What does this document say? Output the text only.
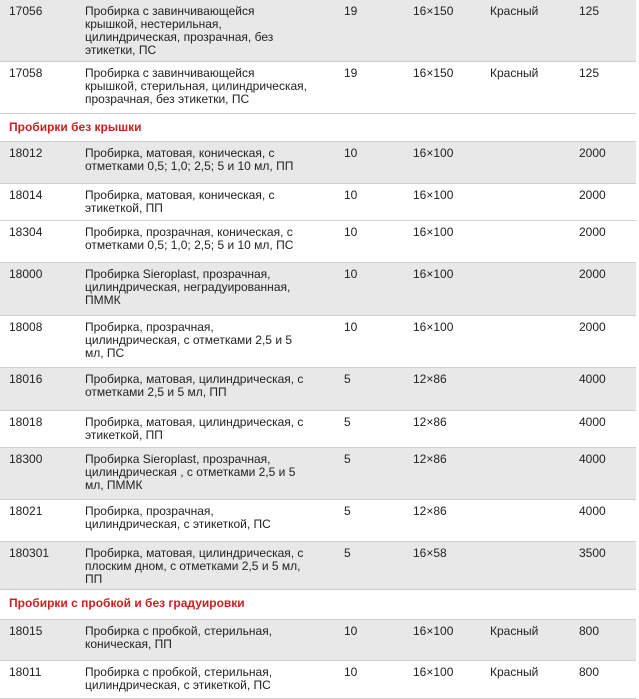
17056	Пробирка с завинчивающейся
крышкой, нестерильная,
цилиндрическая, прозрачная, без
этикетки, ПС
19	16×150	Красный	125
17058	Пробирка с завинчивающейся
крышкой, стерильная, цилиндрическая,
прозрачная, без этикетки, ПС
19	16×150	Красный	125
Пробирки без крышки
18012	Пробирка, матовая, коническая, с
отметками 0,5; 1,0; 2,5; 5 и 10 мл, ПП
10	16×100	2000
18014	Пробирка, матовая, коническая, с
этикеткой, ПП
10	16×100	2000
18304	Пробирка, прозрачная, коническая, с
отметками 0,5; 1,0; 2,5; 5 и 10 мл, ПС
10	16×100	2000
18000	Пробирка Sieroplast, прозрачная,
цилиндрическая, неградуированная,
ПММК
10	16×100	2000
18008	Пробирка, прозрачная,
цилиндрическая, с отметками 2,5 и 5
мл, ПС
10	16×100	2000
18016	Пробирка, матовая, цилиндрическая, с
отметками 2,5 и 5 мл, ПП
5	12×86	4000
18018	Пробирка, матовая, цилиндрическая, с
этикеткой, ПП
5	12×86	4000
18300	Пробирка Sieroplast, прозрачная,
цилиндрическая , с отметками 2,5 и 5
мл, ПММК
5	12×86	4000
18021	Пробирка, прозрачная,
цилиндрическая, с этикеткой, ПС
5	12×86	4000
180301	Пробирка, матовая, цилиндрическая, с
плоским дном, с отметками 2,5 и 5 мл,
ПП
5	16×58	3500
Пробирки с пробкой и без градуировки
18015	Пробирка с пробкой, стерильная,
коническая, ПП
10	16×100	Красный	800
18011	Пробирка с пробкой, стерильная,
цилиндрическая, с этикеткой, ПС
10	16×100	Красный	800
